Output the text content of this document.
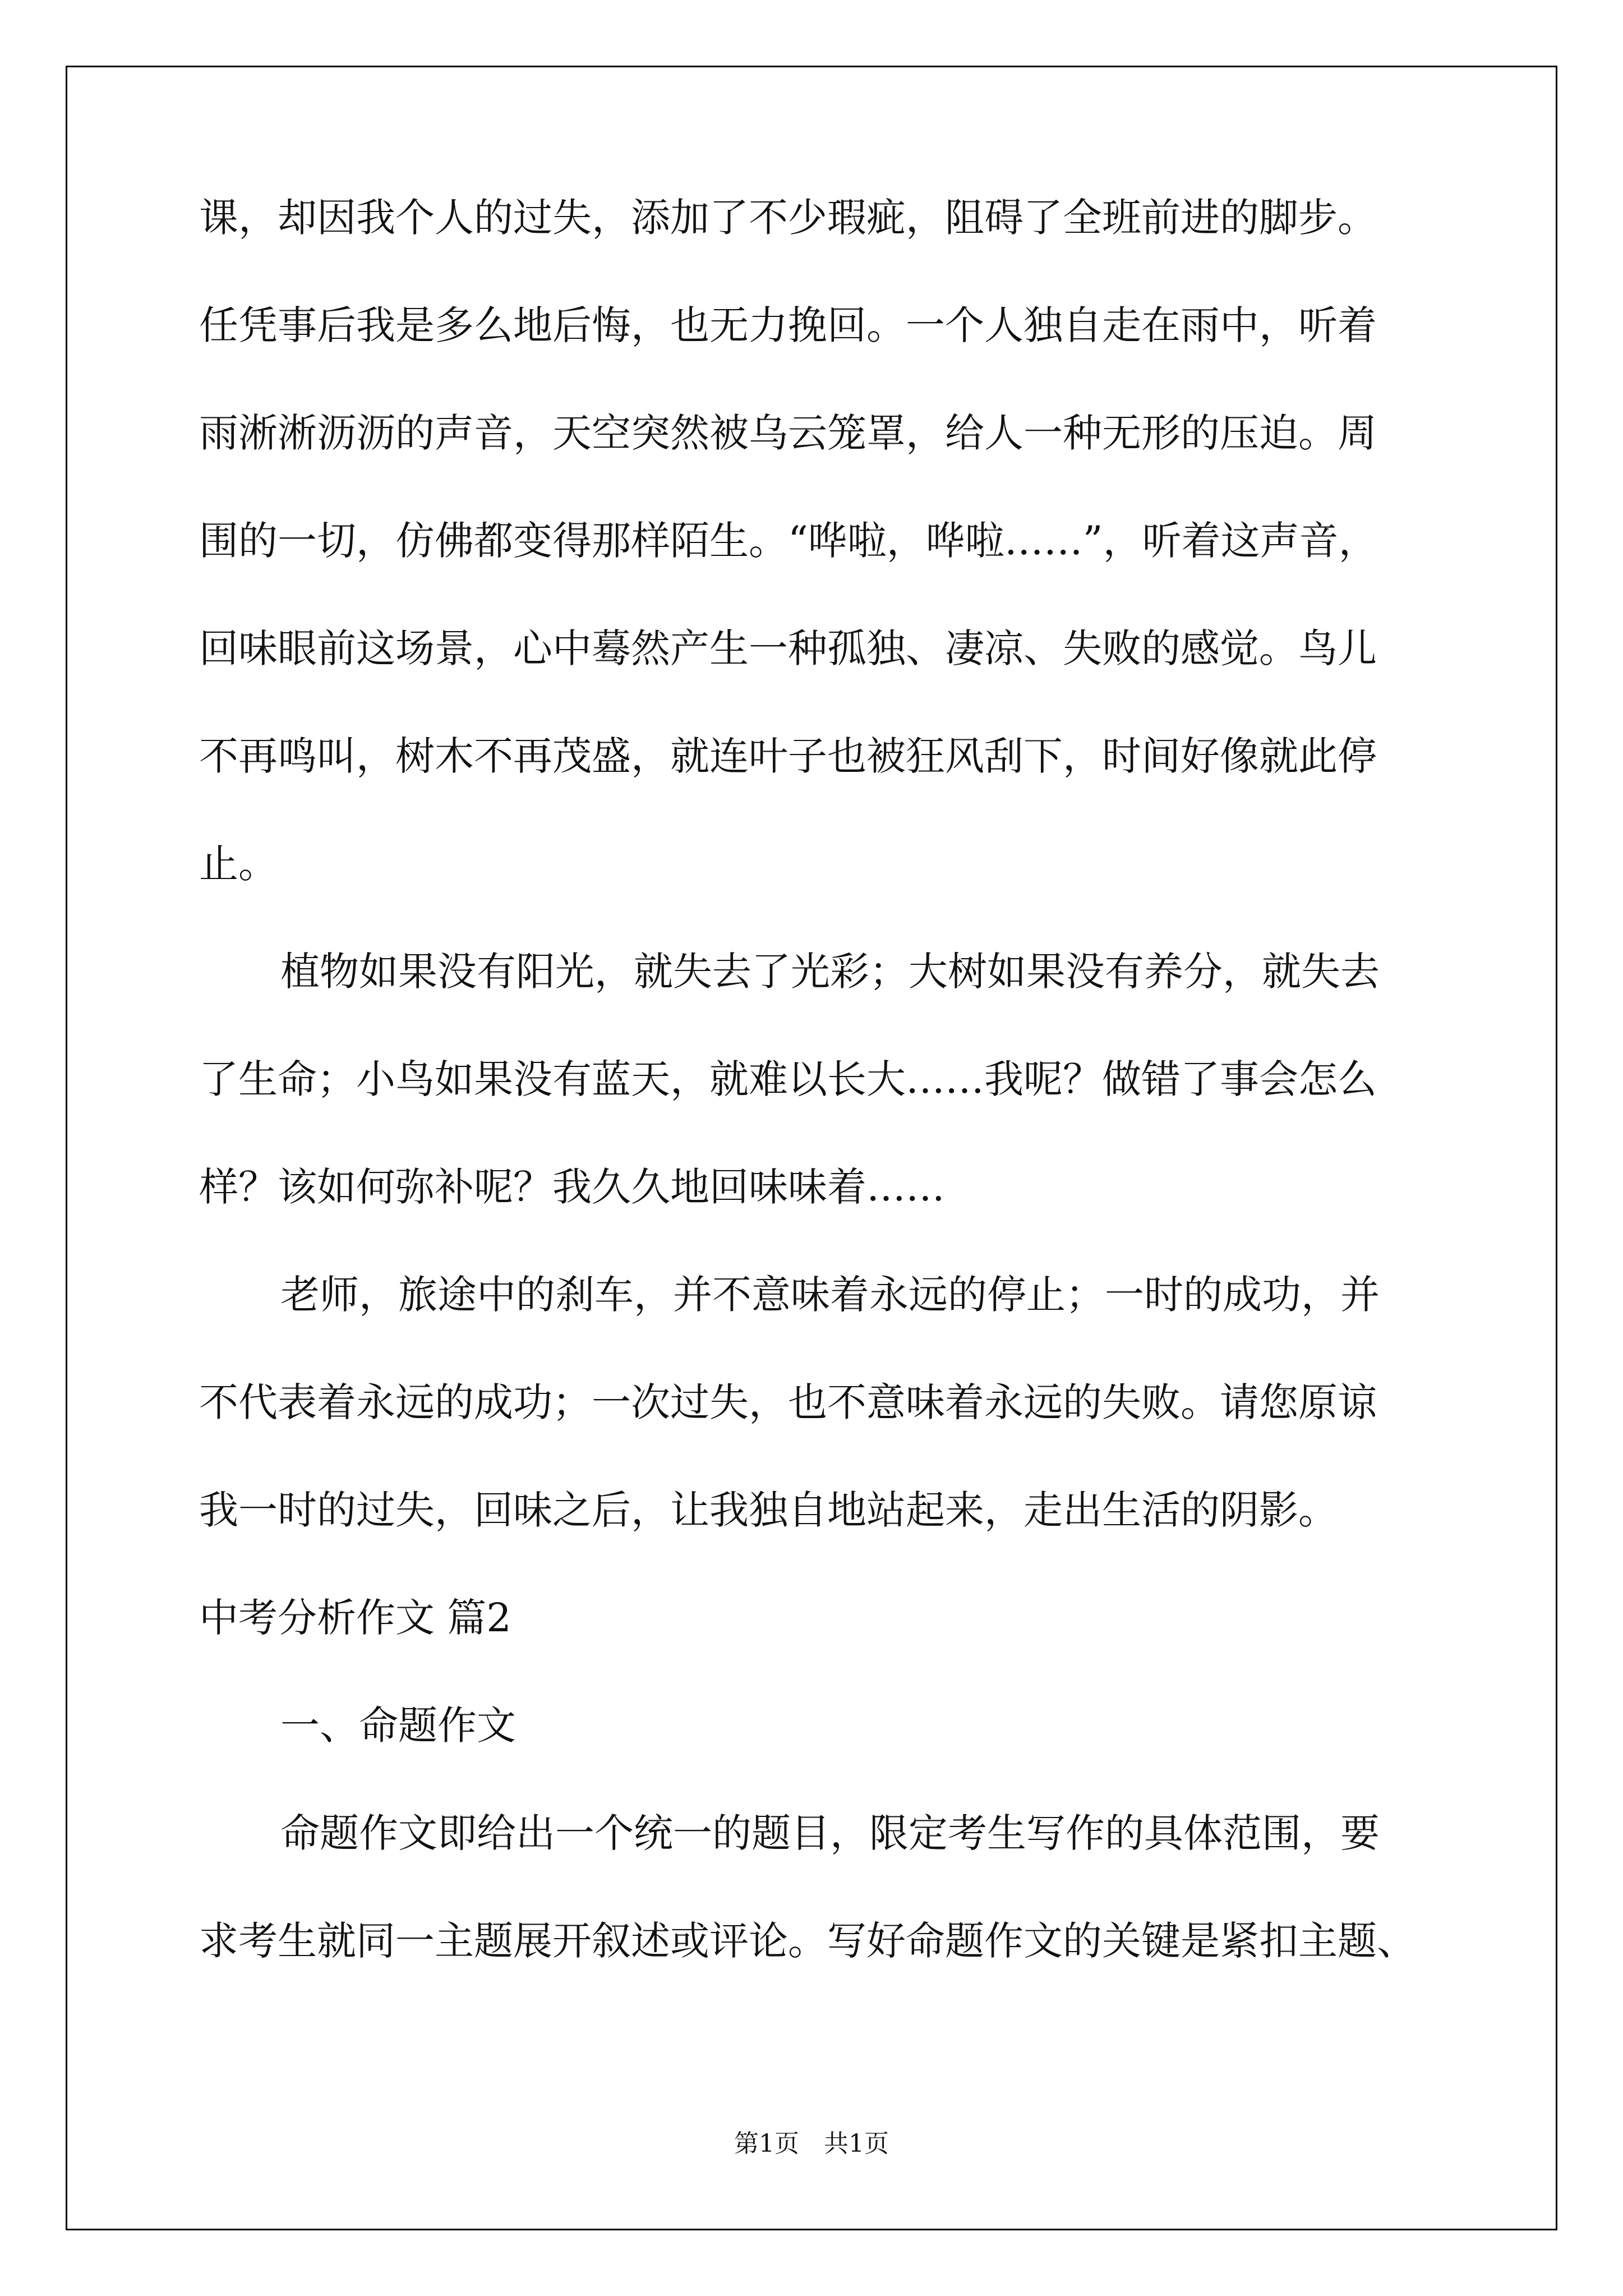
课，却因我个人的过失，添加了不少瑕疵，阻碍了全班前进的脚步。
任凭事后我是多么地后悔，也无力挽回。一个人独自走在雨中，听着
雨淅淅沥沥的声音，天空突然被乌云笼罩，给人一种无形的压迫。周
围的一切，仿佛都变得那样陌生。“哗啦，哗啦……”，听着这声音，
回味眼前这场景，心中蓦然产生一种孤独、凄凉、失败的感觉。鸟儿
不再鸣叫，树木不再茂盛，就连叶子也被狂风刮下，时间好像就此停
止。
植物如果没有阳光，就失去了光彩；大树如果没有养分，就失去
了生命；小鸟如果没有蓝天，就难以长大……我呢？做错了事会怎么
样？该如何弥补呢？我久久地回味味着……
老师，旅途中的刹车，并不意味着永远的停止；一时的成功，并
不代表着永远的成功；一次过失，也不意味着永远的失败。请您原谅
我一时的过失，回味之后，让我独自地站起来，走出生活的阴影。
中考分析作文 篇2
一、命题作文
命题作文即给出一个统一的题目，限定考生写作的具体范围，要
求考生就同一主题展开叙述或评论。写好命题作文的关键是紧扣主题、
第1页　共1页
